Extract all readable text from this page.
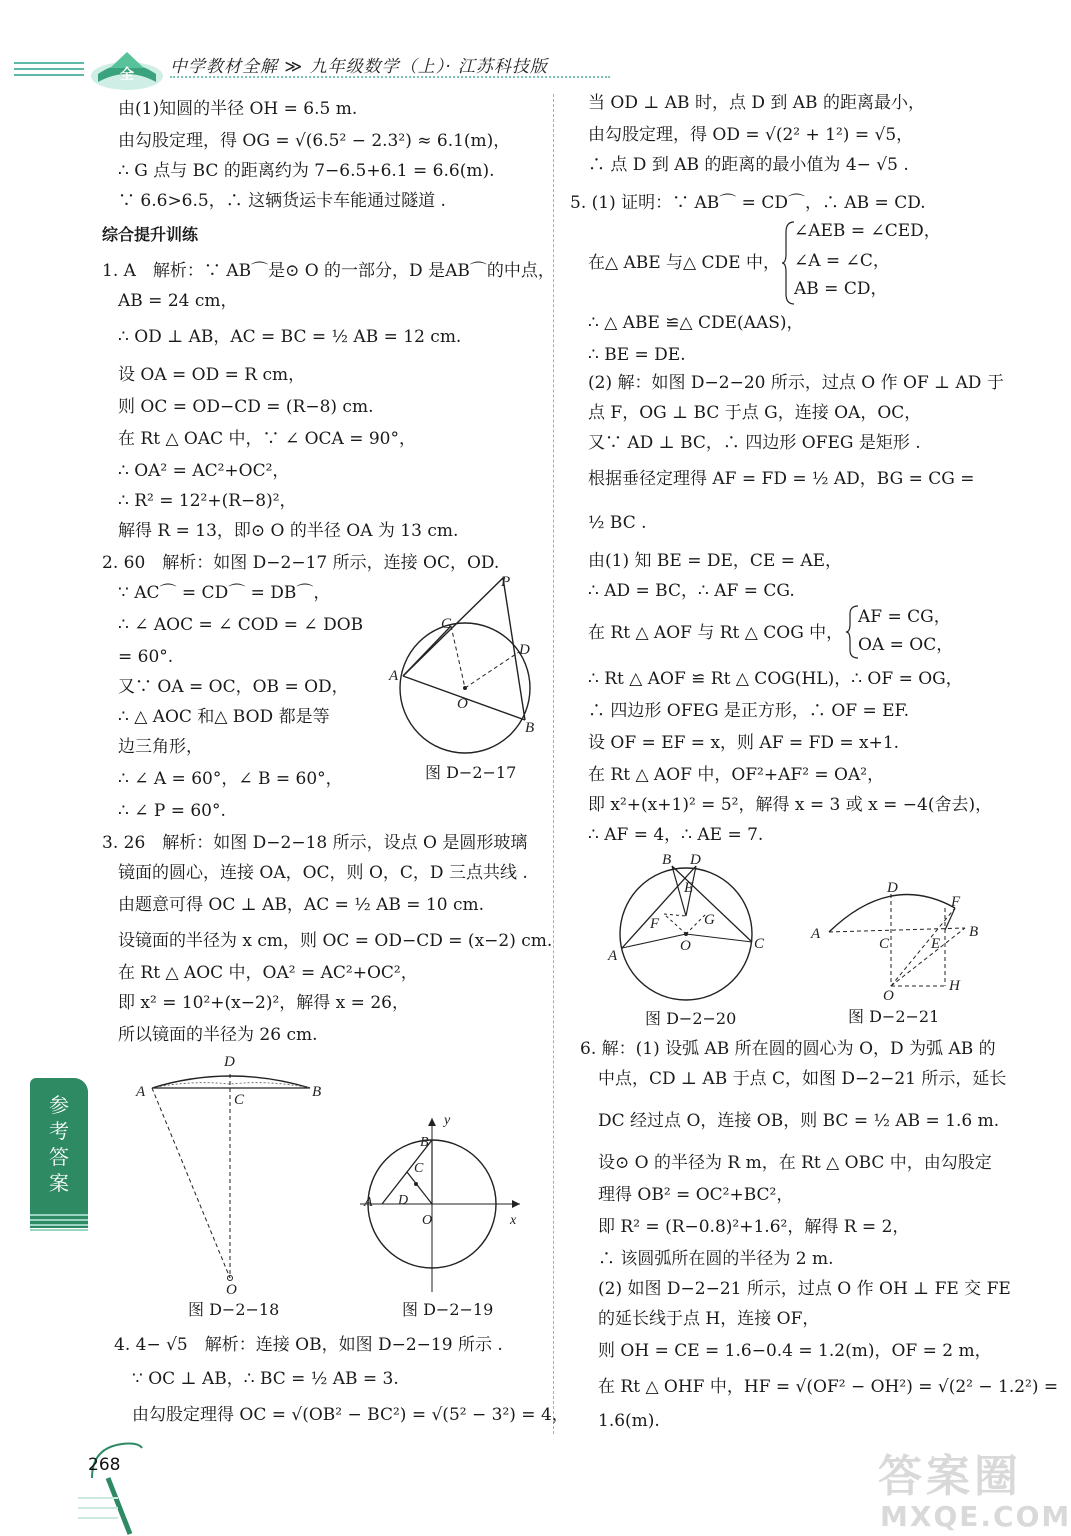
全 中学教材全解 ≫ 九年级数学（上）· 江苏科技版
由(1)知圆的半径 OH = 6.5 m.
由勾股定理，得 OG = √(6.5² − 2.3²) ≈ 6.1(m)，
∴ G 点与 BC 的距离约为 7−6.5+6.1 = 6.6(m).
∵ 6.6>6.5，∴ 这辆货运卡车能通过隧道 .
综合提升训练
1. A　解析：∵ AB⌒是⊙ O 的一部分，D 是AB⌒的中点，
AB = 24 cm，
∴ OD ⊥ AB，AC = BC = ½ AB = 12 cm.
设 OA = OD = R cm，
则 OC = OD−CD = (R−8) cm.
在 Rt △ OAC 中，∵ ∠ OCA = 90°，
∴ OA² = AC²+OC²，
∴ R² = 12²+(R−8)²，
解得 R = 13，即⊙ O 的半径 OA 为 13 cm.
2. 60　解析：如图 D−2−17 所示，连接 OC，OD.
∵ AC⌒ = CD⌒ = DB⌒，
∴ ∠ AOC = ∠ COD = ∠ DOB
= 60°.
又∵ OA = OC，OB = OD，
∴ △ AOC 和△ BOD 都是等
边三角形，
∴ ∠ A = 60°，∠ B = 60°，
∴ ∠ P = 60°.
3. 26　解析：如图 D−2−18 所示，设点 O 是圆形玻璃
镜面的圆心，连接 OA，OC，则 O，C，D 三点共线 .
由题意可得 OC ⊥ AB，AC = ½ AB = 10 cm.
设镜面的半径为 x cm，则 OC = OD−CD = (x−2) cm.
在 Rt △ AOC 中，OA² = AC²+OC²，
即 x² = 10²+(x−2)²，解得 x = 26，
所以镜面的半径为 26 cm.
4. 4− √5　解析：连接 OB，如图 D−2−19 所示 .
∵ OC ⊥ AB，∴ BC = ½ AB = 3.
由勾股定理得 OC = √(OB² − BC²) = √(5² − 3²) = 4，
P
C
D
A
O
B
图 D−2−17
D
A	C	B
O
图 D−2−18
y
B
C
A D
O	x
图 D−2−19
当 OD ⊥ AB 时，点 D 到 AB 的距离最小，
由勾股定理，得 OD = √(2² + 1²) = √5，
∴ 点 D 到 AB 的距离的最小值为 4− √5 .
5. (1) 证明：∵ AB⌒ = CD⌒，∴ AB = CD.
在△ ABE 与△ CDE 中，
∠AEB = ∠CED，
∠A = ∠C，
AB = CD，
∴ △ ABE ≌△ CDE(AAS)，
∴ BE = DE.
(2) 解：如图 D−2−20 所示，过点 O 作 OF ⊥ AD 于
点 F，OG ⊥ BC 于点 G，连接 OA，OC，
又∵ AD ⊥ BC，∴ 四边形 OFEG 是矩形 .
根据垂径定理得 AF = FD = ½ AD，BG = CG =
½ BC .
由(1) 知 BE = DE，CE = AE，
∴ AD = BC，∴ AF = CG.
在 Rt △ AOF 与 Rt △ COG 中，
AF = CG，
OA = OC，
∴ Rt △ AOF ≌ Rt △ COG(HL)，∴ OF = OG，
∴ 四边形 OFEG 是正方形，∴ OF = EF.
设 OF = EF = x，则 AF = FD = x+1.
在 Rt △ AOF 中，OF²+AF² = OA²，
即 x²+(x+1)² = 5²，解得 x = 3 或 x = −4(舍去)，
∴ AF = 4，∴ AE = 7.
6. 解：(1) 设弧 AB 所在圆的圆心为 O，D 为弧 AB 的
中点，CD ⊥ AB 于点 C，如图 D−2−21 所示，延长
DC 经过点 O，连接 OB，则 BC = ½ AB = 1.6 m.
设⊙ O 的半径为 R m，在 Rt △ OBC 中，由勾股定
理得 OB² = OC²+BC²，
即 R² = (R−0.8)²+1.6²，解得 R = 2，
∴ 该圆弧所在圆的半径为 2 m.
(2) 如图 D−2−21 所示，过点 O 作 OH ⊥ FE 交 FE
的延长线于点 H，连接 OF，
则 OH = CE = 1.6−0.4 = 1.2(m)，OF = 2 m，
在 Rt △ OHF 中，HF = √(OF² − OH²) = √(2² − 1.2²) =
1.6(m).
B D
E
F	G
O
A
C
图 D−2−20
D
F
A
C	E
B
O
H
图 D−2−21
参考答案
268	答案圈
MXQE.COM
